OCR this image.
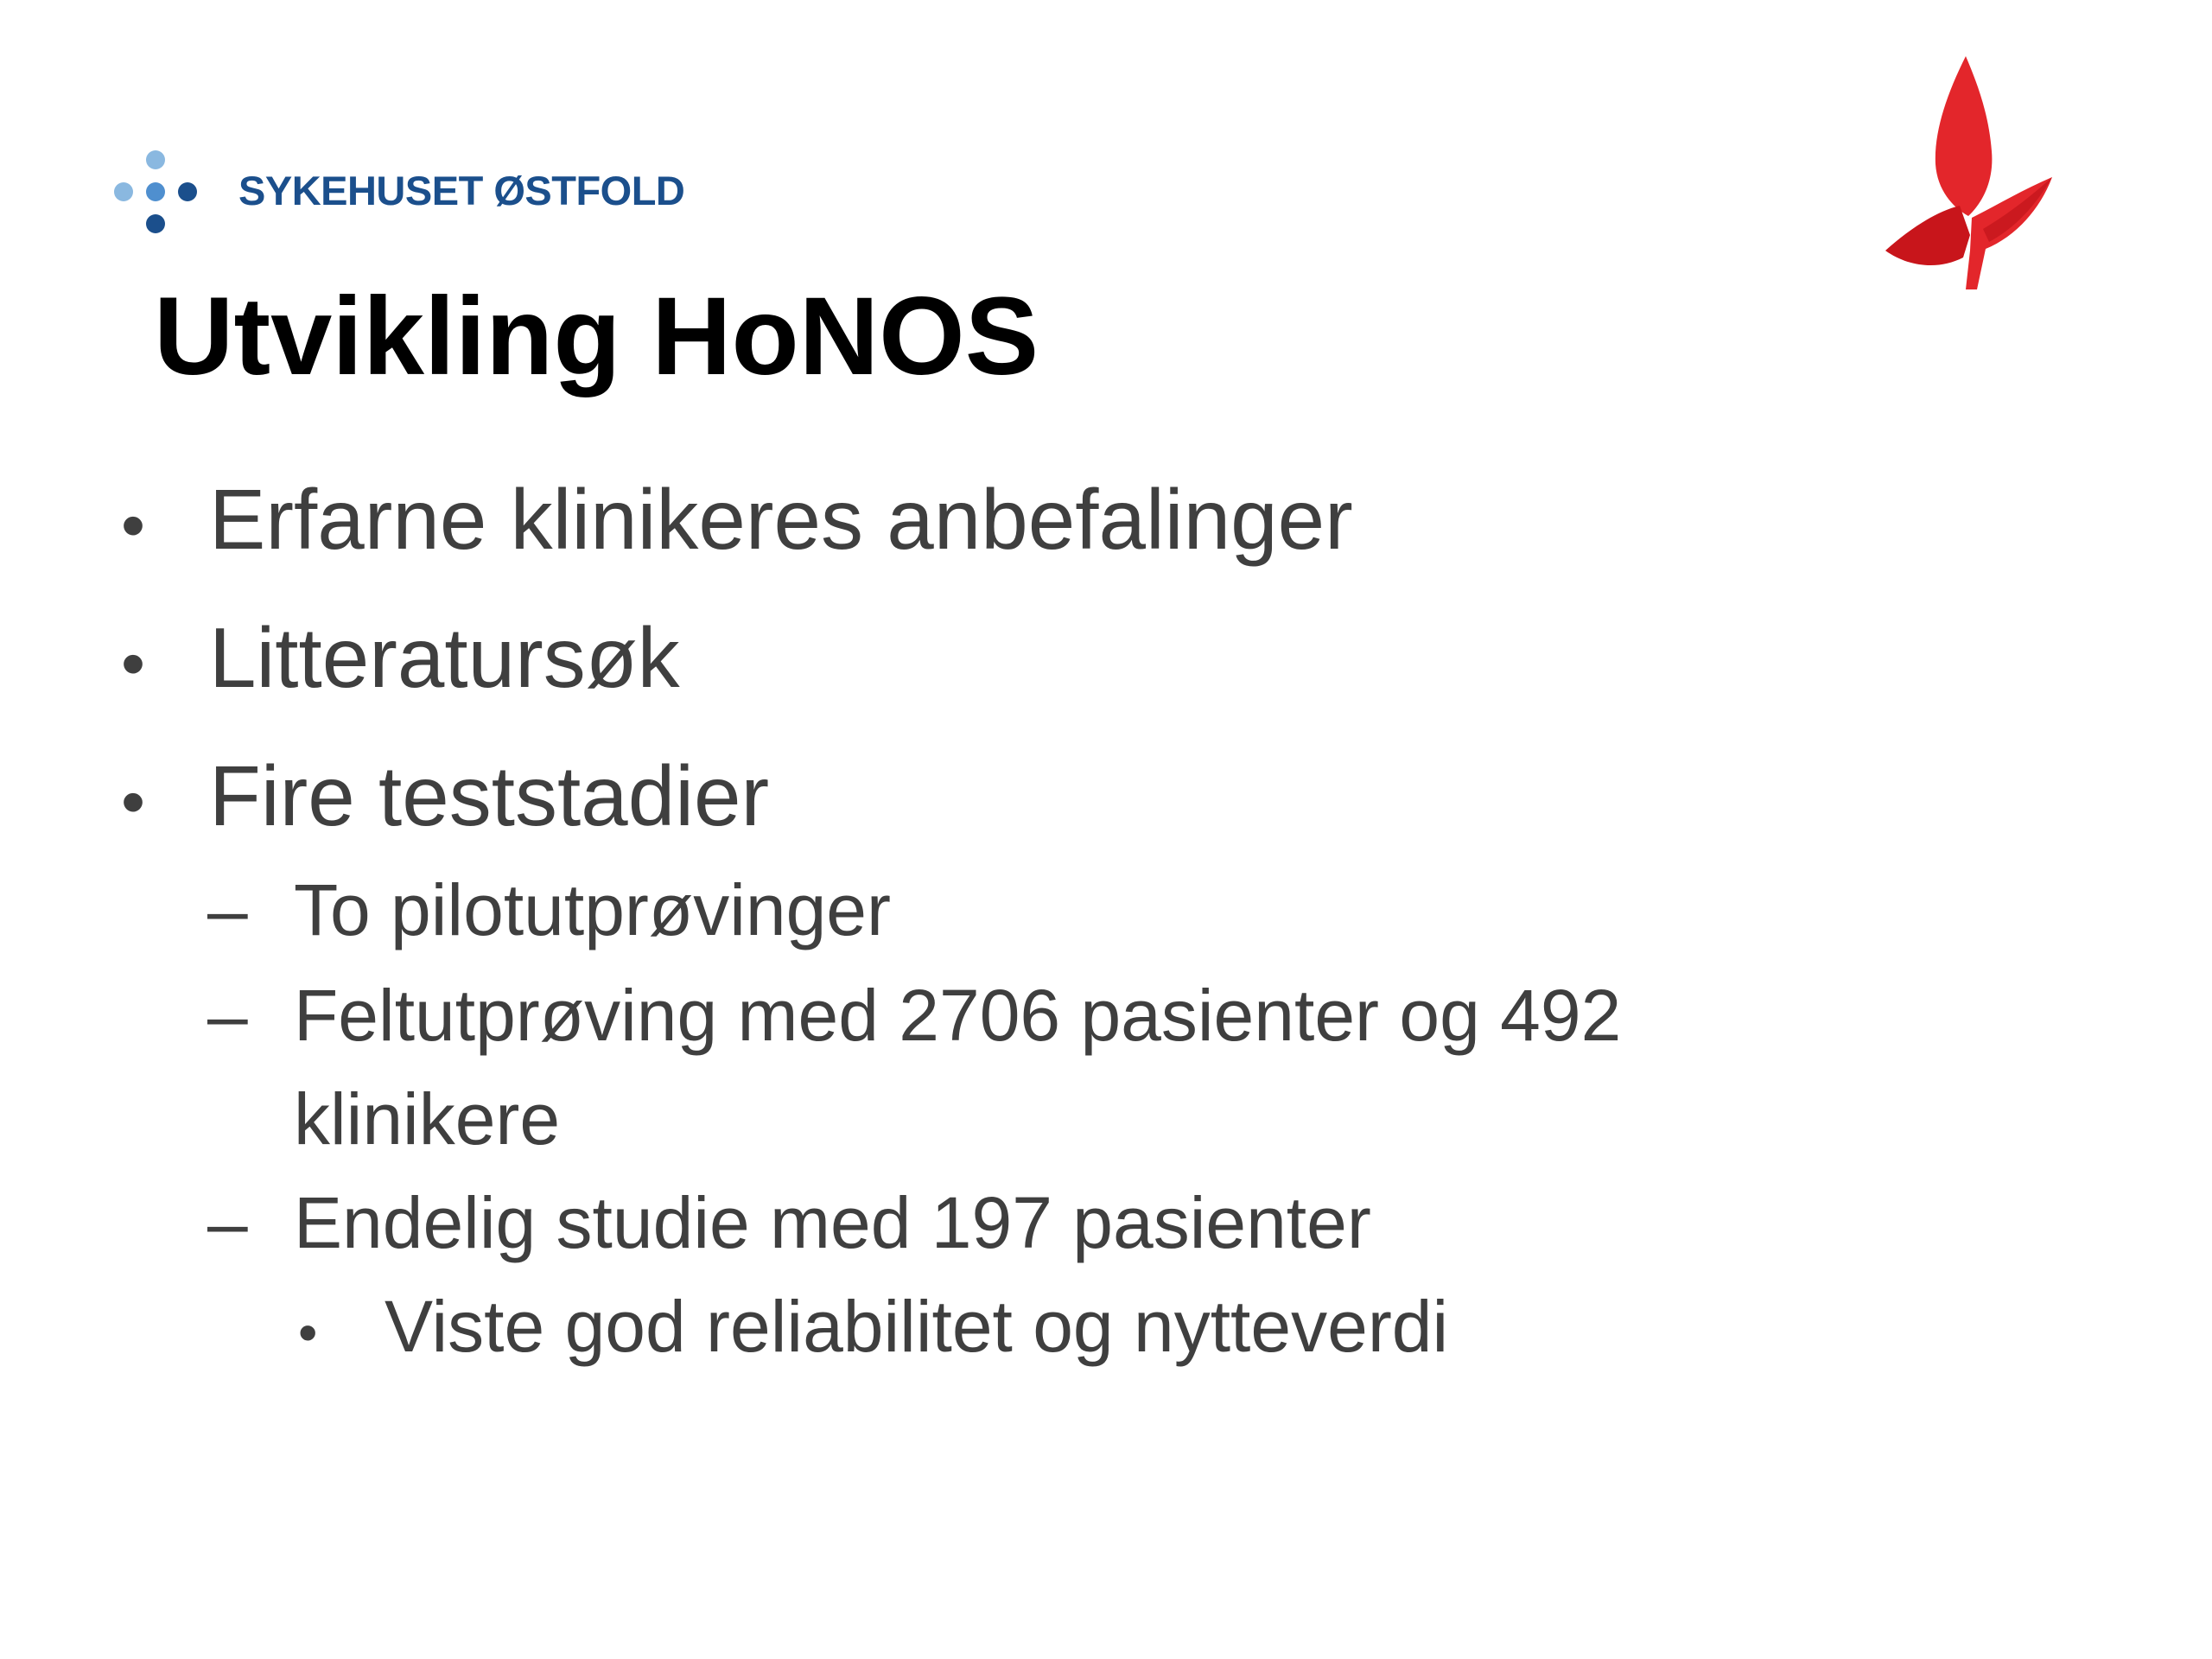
SYKEHUSET ØSTFOLD
Utvikling HoNOS
• Erfarne klinikeres anbefalinger
• Litteratursøk
• Fire teststadier
– To pilotutprøvinger
– Feltutprøving med 2706 pasienter og 492
klinikere
– Endelig studie med 197 pasienter
• Viste god reliabilitet og nytteverdi
